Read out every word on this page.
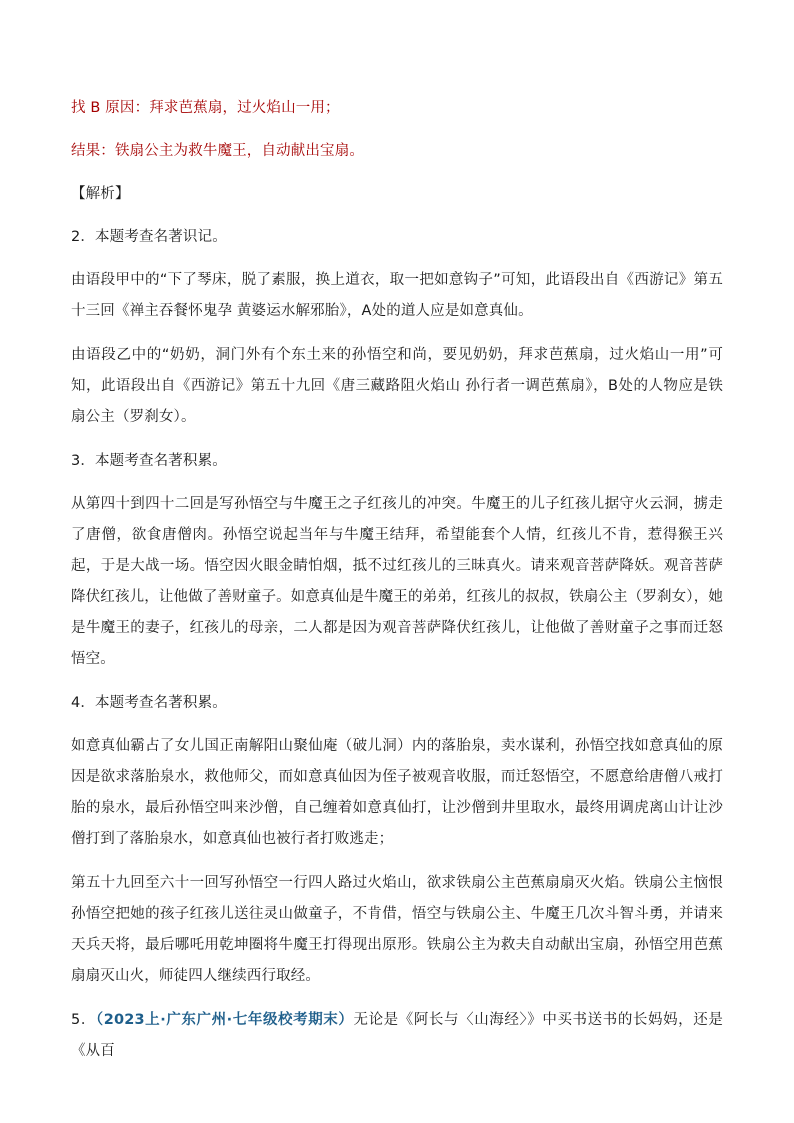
找 B 原因：拜求芭蕉扇，过火焰山一用；

结果：铁扇公主为救牛魔王，自动献出宝扇。

【解析】

2．本题考查名著识记。

由语段甲中的“下了琴床，脱了素服，换上道衣，取一把如意钩子”可知，此语段出自《西游记》第五十三回《禅主吞餐怀鬼孕 黄婆运水解邪胎》，A处的道人应是如意真仙。

由语段乙中的“奶奶，洞门外有个东土来的孙悟空和尚，要见奶奶，拜求芭蕉扇，过火焰山一用”可知，此语段出自《西游记》第五十九回《唐三藏路阻火焰山 孙行者一调芭蕉扇》，B处的人物应是铁扇公主（罗刹女）。

3．本题考查名著积累。

从第四十到四十二回是写孙悟空与牛魔王之子红孩儿的冲突。牛魔王的儿子红孩儿据守火云洞，掳走了唐僧，欲食唐僧肉。孙悟空说起当年与牛魔王结拜，希望能套个人情，红孩儿不肯，惹得猴王兴起，于是大战一场。悟空因火眼金睛怕烟，抵不过红孩儿的三昧真火。请来观音菩萨降妖。观音菩萨降伏红孩儿，让他做了善财童子。如意真仙是牛魔王的弟弟，红孩儿的叔叔，铁扇公主（罗刹女），她是牛魔王的妻子，红孩儿的母亲，二人都是因为观音菩萨降伏红孩儿，让他做了善财童子之事而迁怒悟空。

4．本题考查名著积累。

如意真仙霸占了女儿国正南解阳山聚仙庵（破儿洞）内的落胎泉，卖水谋利，孙悟空找如意真仙的原因是欲求落胎泉水，救他师父，而如意真仙因为侄子被观音收服，而迁怒悟空，不愿意给唐僧八戒打胎的泉水，最后孙悟空叫来沙僧，自己缠着如意真仙打，让沙僧到井里取水，最终用调虎离山计让沙僧打到了落胎泉水，如意真仙也被行者打败逃走；

第五十九回至六十一回写孙悟空一行四人路过火焰山，欲求铁扇公主芭蕉扇扇灭火焰。铁扇公主恼恨孙悟空把她的孩子红孩儿送往灵山做童子，不肯借，悟空与铁扇公主、牛魔王几次斗智斗勇，并请来天兵天将，最后哪吒用乾坤圈将牛魔王打得现出原形。铁扇公主为救夫自动献出宝扇，孙悟空用芭蕉扇扇灭山火，师徒四人继续西行取经。

5．（2023上·广东广州·七年级校考期末）无论是《阿长与〈山海经〉》中买书送书的长妈妈，还是《从百
